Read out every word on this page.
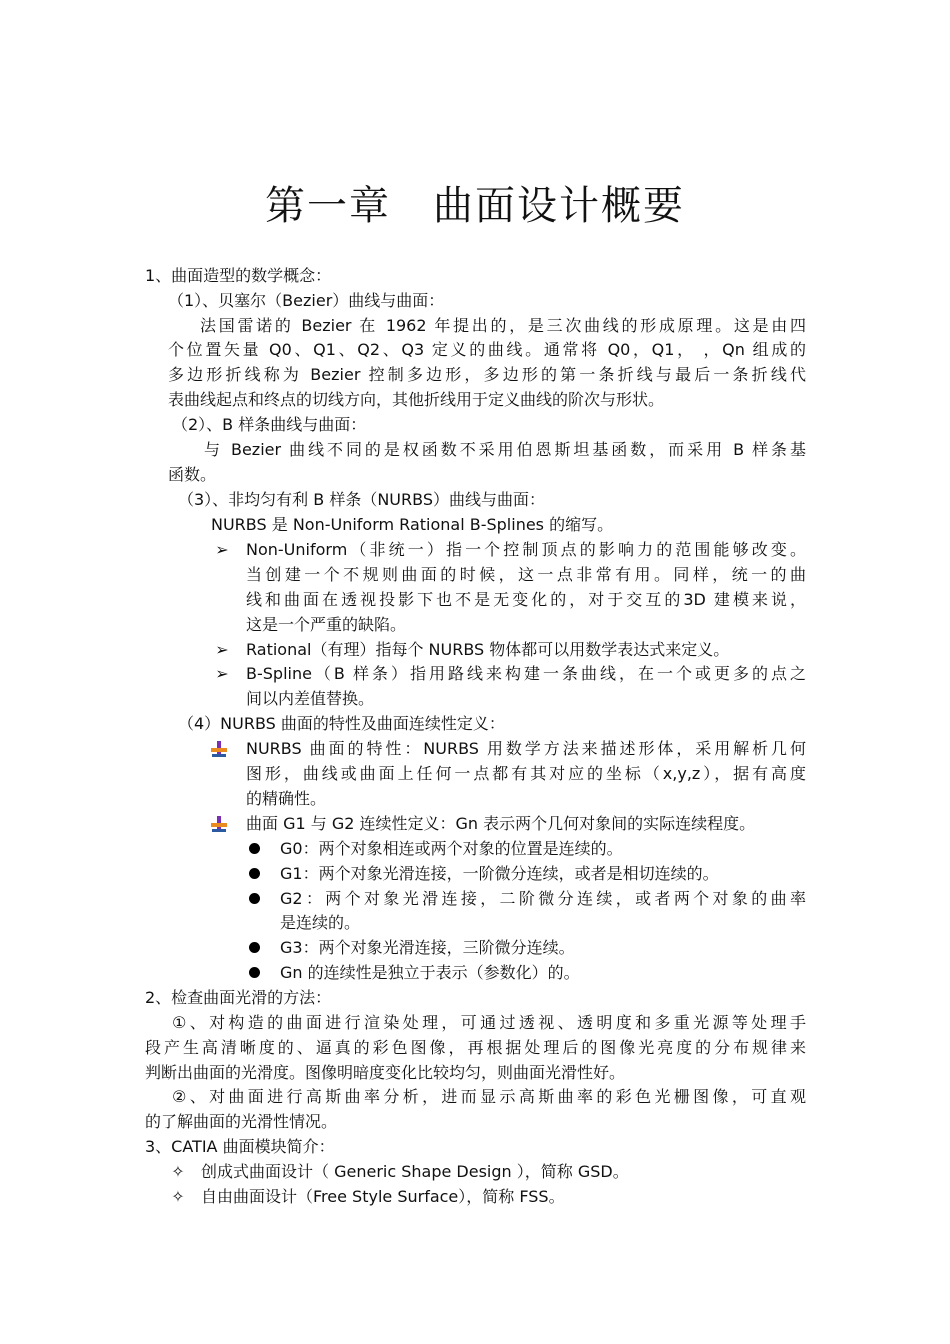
第一章　曲面设计概要
1、曲面造型的数学概念：
（1）、贝塞尔（Bezier）曲线与曲面：
法国雷诺的 Bezier 在 1962 年提出的，是三次曲线的形成原理。这是由四
个位置矢量 Q0、Q1、Q2、Q3 定义的曲线。通常将 Q0，Q1， ，Qn 组成的
多边形折线称为 Bezier 控制多边形，多边形的第一条折线与最后一条折线代
表曲线起点和终点的切线方向，其他折线用于定义曲线的阶次与形状。
（2）、B 样条曲线与曲面：
与 Bezier 曲线不同的是权函数不采用伯恩斯坦基函数，而采用 B 样条基
函数。
（3）、非均匀有利 B 样条（NURBS）曲线与曲面：
NURBS 是 Non-Uniform Rational B-Splines 的缩写。
➢ Non-Uniform（非统一）指一个控制顶点的影响力的范围能够改变。
当创建一个不规则曲面的时候，这一点非常有用。同样，统一的曲
线和曲面在透视投影下也不是无变化的，对于交互的3D 建模来说，
这是一个严重的缺陷。
➢ Rational（有理）指每个 NURBS 物体都可以用数学表达式来定义。
➢ B-Spline（B 样条）指用路线来构建一条曲线，在一个或更多的点之
间以内差值替换。
（4）NURBS 曲面的特性及曲面连续性定义：
NURBS 曲面的特性：NURBS 用数学方法来描述形体，采用解析几何
图形，曲线或曲面上任何一点都有其对应的坐标（x,y,z），据有高度
的精确性。
曲面 G1 与 G2 连续性定义：Gn 表示两个几何对象间的实际连续程度。
G0：两个对象相连或两个对象的位置是连续的。
G1：两个对象光滑连接，一阶微分连续，或者是相切连续的。
G2：两个对象光滑连接，二阶微分连续，或者两个对象的曲率
是连续的。
G3：两个对象光滑连接，三阶微分连续。
Gn 的连续性是独立于表示（参数化）的。
2、检查曲面光滑的方法：
①、对构造的曲面进行渲染处理，可通过透视、透明度和多重光源等处理手
段产生高清晰度的、逼真的彩色图像，再根据处理后的图像光亮度的分布规律来
判断出曲面的光滑度。图像明暗度变化比较均匀，则曲面光滑性好。
②、对曲面进行高斯曲率分析，进而显示高斯曲率的彩色光栅图像，可直观
的了解曲面的光滑性情况。
3、CATIA 曲面模块简介：
✧ 创成式曲面设计（ Generic Shape Design ），简称 GSD。
✧ 自由曲面设计（Free Style Surface），简称 FSS。
